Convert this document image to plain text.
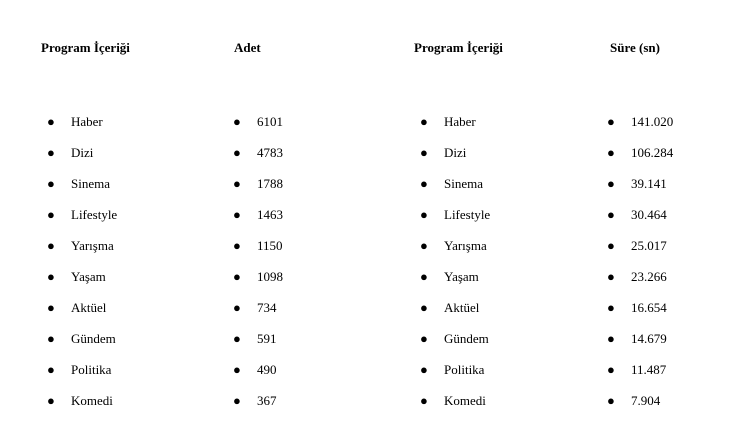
Program İçeriği
● Haber
● Dizi
● Sinema
● Lifestyle
● Yarışma
● Yaşam
● Aktüel
● Gündem
● Politika
● Komedi
Adet
● 6101
● 4783
● 1788
● 1463
● 1150
● 1098
● 734
● 591
● 490
● 367
Program İçeriği
● Haber
● Dizi
● Sinema
● Lifestyle
● Yarışma
● Yaşam
● Aktüel
● Gündem
● Politika
● Komedi
Süre (sn)
● 141.020
● 106.284
● 39.141
● 30.464
● 25.017
● 23.266
● 16.654
● 14.679
● 11.487
● 7.904
